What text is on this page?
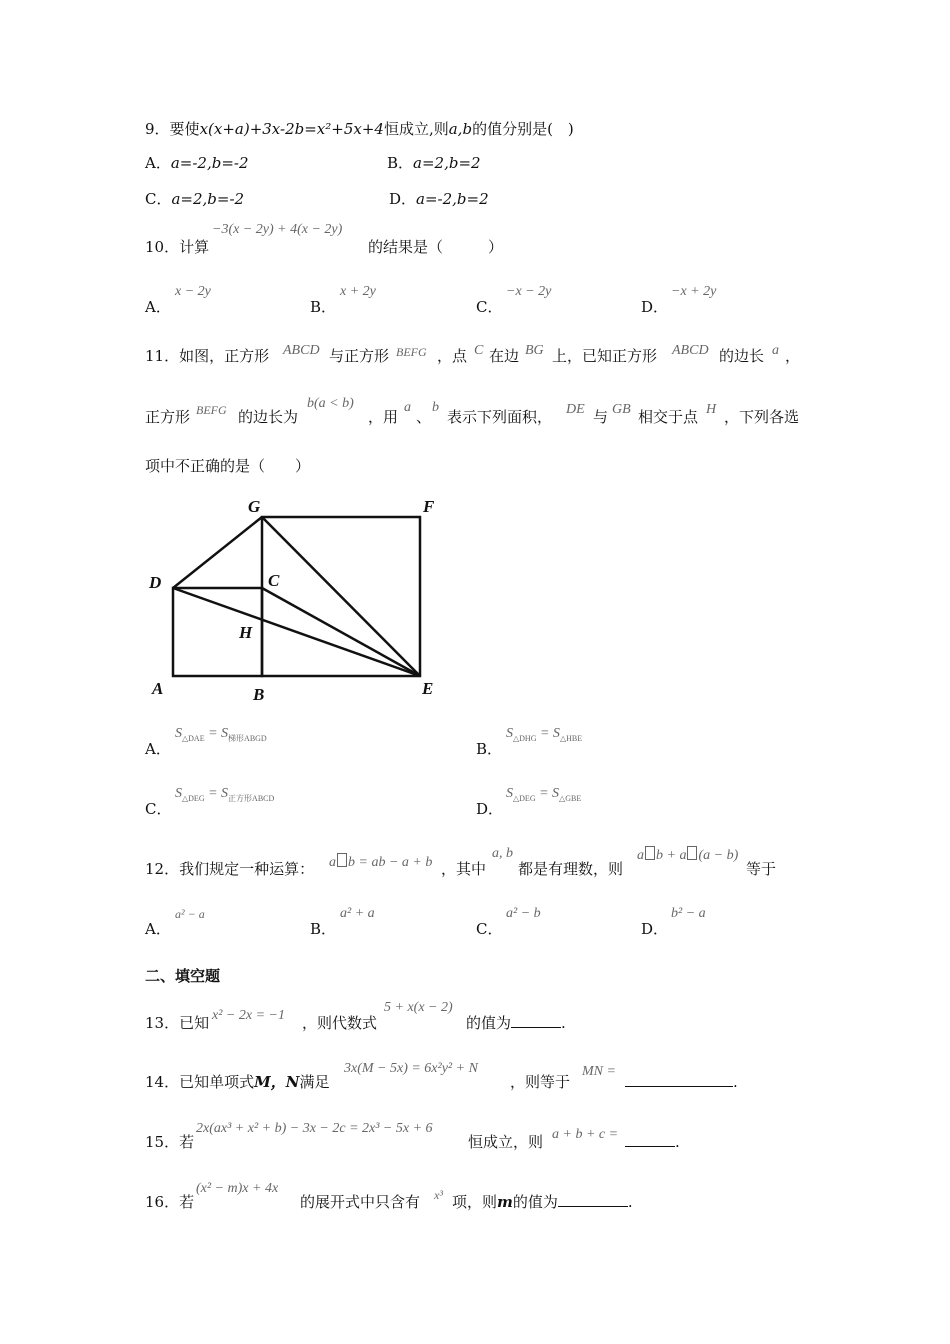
9．要使x(x+a)+3x-2b=x²+5x+4恒成立,则a,b的值分别是(　)
A．a=-2,b=-2	B．a=2,b=2
C．a=2,b=-2	D．a=-2,b=2
10．计算
−3(x − 2y) + 4(x − 2y)
的结果是（　　　）
A．
x − 2y
B．
x + 2y
C．
−x − 2y
D．
−x + 2y
11．如图，正方形 ABCD 与正方形 BEFG ，点 C 在边 BG 上，已知正方形 ABCD 的边长 a ，
正方形 BEFG 的边长为
b(a < b)
，用
a
、
b
表示下列面积， DE 与 GB 相交于点 H ，下列各选
项中不正确的是（　　）
G	F
D	C
H
A	B	E
A．
$S_{\triangle DAE} = S_{梯形ABGD}$
B．
$S_{\triangle DHG} = S_{\triangle HBE}$
C．
$S_{\triangle DEG} = S_{正方形ABCD}$
D．
$S_{\triangle DEG} = S_{\triangle GBE}$
12．我们规定一种运算： a b = ab − a + b ，其中
a, b
都是有理数，则
a b + a (a − b)
等于
A．
a² − a
B．
a² + a
C．
a² − b
D．
b² − a
二、填空题
13．已知 x² − 2x = −1 ，则代数式
5 + x(x − 2)
的值为	.
14．已知单项式M，N满足
3x(M − 5x) = 6x²y² + N
，则等于
MN =
.
15．若
2x(ax³ + x² + b) − 3x − 2c = 2x³ − 5x + 6
恒成立，则 a + b + c =	.
16．若
(x² − m)x + 4x
的展开式中只含有 x³ 项，则m的值为	.
